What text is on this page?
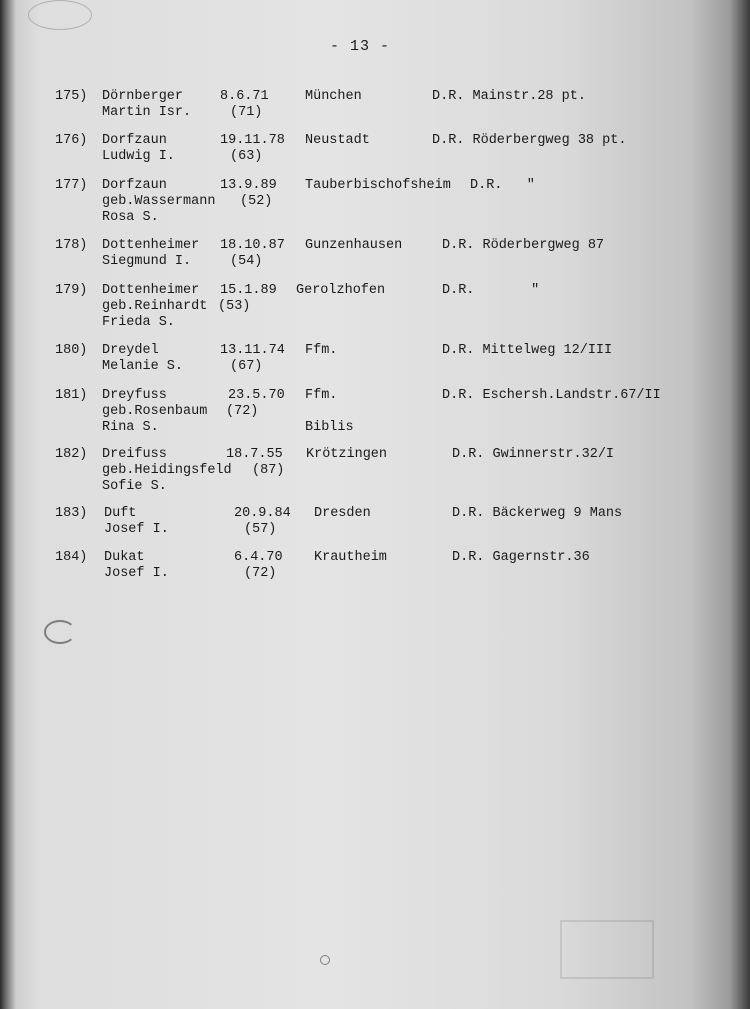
- 13 -
175) Dörnberger	8.6.71	München	D.R. Mainstr.28 pt.
Martin Isr.	(71)
176) Dorfzaun	19.11.78 Neustadt	D.R. Röderbergweg 38 pt.
Ludwig I.	(63)
177) Dorfzaun	13.9.89 Tauberbischofsheim D.R.   "
geb.Wassermann (52)
Rosa S.
178) Dottenheimer 18.10.87 Gunzenhausen	D.R. Röderbergweg 87
Siegmund I.	(54)
179) Dottenheimer 15.1.89 Gerolzhofen	D.R.       "
geb.Reinhardt (53)
Frieda S.
180) Dreydel	13.11.74 Ffm.	D.R. Mittelweg 12/III
Melanie S.	(67)
181) Dreyfuss	23.5.70 Ffm.	D.R. Eschersh.Landstr.67/II
geb.Rosenbaum (72)
Rina S.	Biblis
182) Dreifuss	18.7.55 Krötzingen	D.R. Gwinnerstr.32/I
geb.Heidingsfeld (87)
Sofie S.
183) Duft	20.9.84 Dresden	D.R. Bäckerweg 9 Mans
Josef I.	(57)
184) Dukat	6.4.70 Krautheim	D.R. Gagernstr.36
Josef I.	(72)
